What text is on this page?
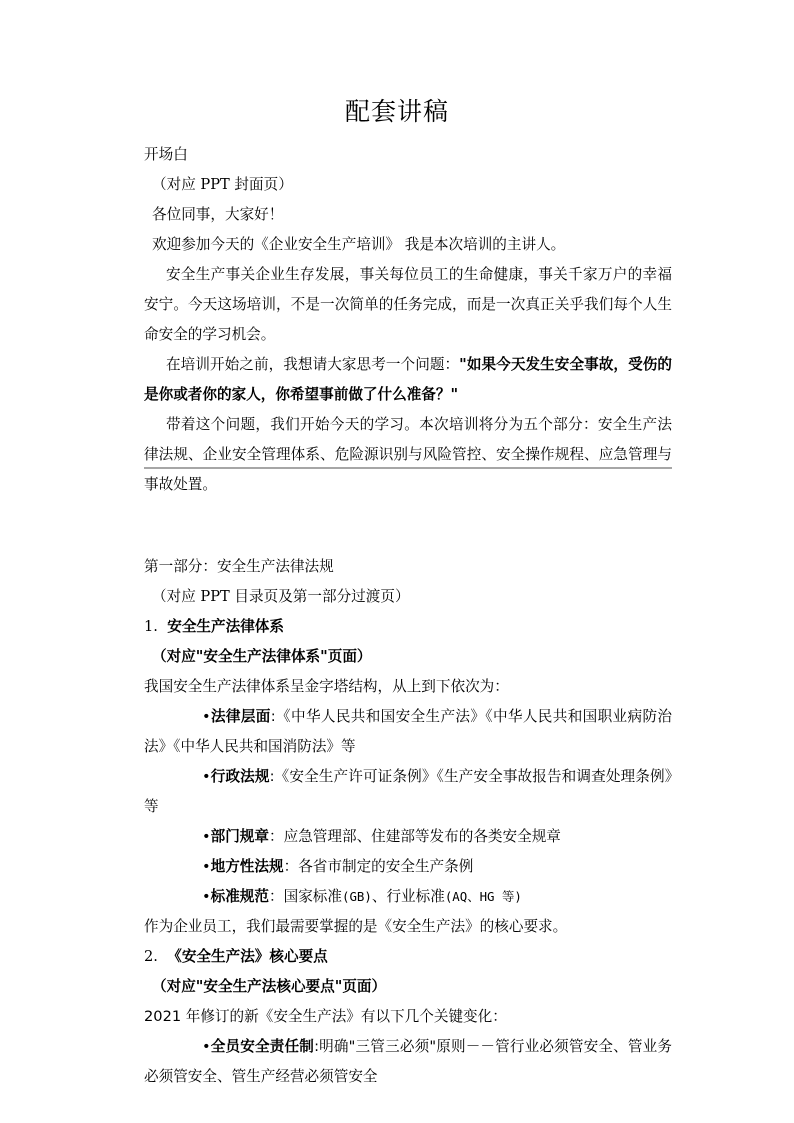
配套讲稿

开场白

（对应 PPT 封面页）

各位同事，大家好！

欢迎参加今天的《企业安全生产培训》 我是本次培训的主讲人。

安全生产事关企业生存发展，事关每位员工的生命健康，事关千家万户的幸福安宁。今天这场培训，不是一次简单的任务完成，而是一次真正关乎我们每个人生命安全的学习机会。

在培训开始之前，我想请大家思考一个问题："如果今天发生安全事故，受伤的是你或者你的家人，你希望事前做了什么准备？"

带着这个问题，我们开始今天的学习。本次培训将分为五个部分：安全生产法律法规、企业安全管理体系、危险源识别与风险管控、安全操作规程、应急管理与事故处置。

第一部分：安全生产法律法规

（对应 PPT 目录页及第一部分过渡页）

1. 安全生产法律体系

（对应"安全生产法律体系"页面）

我国安全生产法律体系呈金字塔结构，从上到下依次为：

•法律层面:《中华人民共和国安全生产法》《中华人民共和国职业病防治法》《中华人民共和国消防法》等
•行政法规:《安全生产许可证条例》《生产安全事故报告和调查处理条例》等
•部门规章：应急管理部、住建部等发布的各类安全规章
•地方性法规：各省市制定的安全生产条例
•标准规范：国家标准(GB)、行业标准(AQ、HG 等)

作为企业员工，我们最需要掌握的是《安全生产法》的核心要求。

2. 《安全生产法》核心要点

（对应"安全生产法核心要点"页面）

2021 年修订的新《安全生产法》有以下几个关键变化：

•全员安全责任制:明确"三管三必须"原则－－管行业必须管安全、管业务必须管安全、管生产经营必须管安全
